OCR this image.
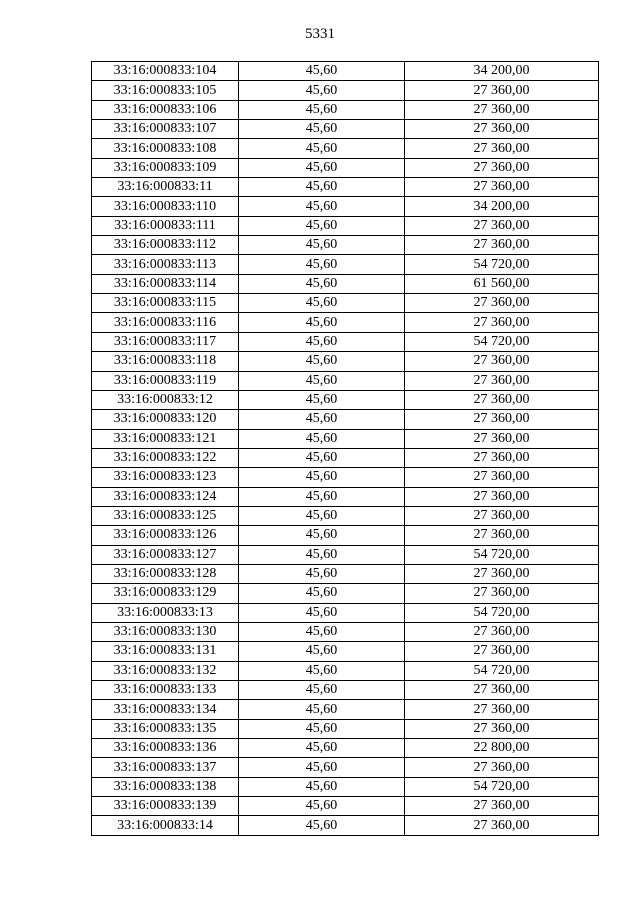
5331
33:16:000833:104	45,60	34 200,00
33:16:000833:105	45,60	27 360,00
33:16:000833:106	45,60	27 360,00
33:16:000833:107	45,60	27 360,00
33:16:000833:108	45,60	27 360,00
33:16:000833:109	45,60	27 360,00
33:16:000833:11	45,60	27 360,00
33:16:000833:110	45,60	34 200,00
33:16:000833:111	45,60	27 360,00
33:16:000833:112	45,60	27 360,00
33:16:000833:113	45,60	54 720,00
33:16:000833:114	45,60	61 560,00
33:16:000833:115	45,60	27 360,00
33:16:000833:116	45,60	27 360,00
33:16:000833:117	45,60	54 720,00
33:16:000833:118	45,60	27 360,00
33:16:000833:119	45,60	27 360,00
33:16:000833:12	45,60	27 360,00
33:16:000833:120	45,60	27 360,00
33:16:000833:121	45,60	27 360,00
33:16:000833:122	45,60	27 360,00
33:16:000833:123	45,60	27 360,00
33:16:000833:124	45,60	27 360,00
33:16:000833:125	45,60	27 360,00
33:16:000833:126	45,60	27 360,00
33:16:000833:127	45,60	54 720,00
33:16:000833:128	45,60	27 360,00
33:16:000833:129	45,60	27 360,00
33:16:000833:13	45,60	54 720,00
33:16:000833:130	45,60	27 360,00
33:16:000833:131	45,60	27 360,00
33:16:000833:132	45,60	54 720,00
33:16:000833:133	45,60	27 360,00
33:16:000833:134	45,60	27 360,00
33:16:000833:135	45,60	27 360,00
33:16:000833:136	45,60	22 800,00
33:16:000833:137	45,60	27 360,00
33:16:000833:138	45,60	54 720,00
33:16:000833:139	45,60	27 360,00
33:16:000833:14	45,60	27 360,00
